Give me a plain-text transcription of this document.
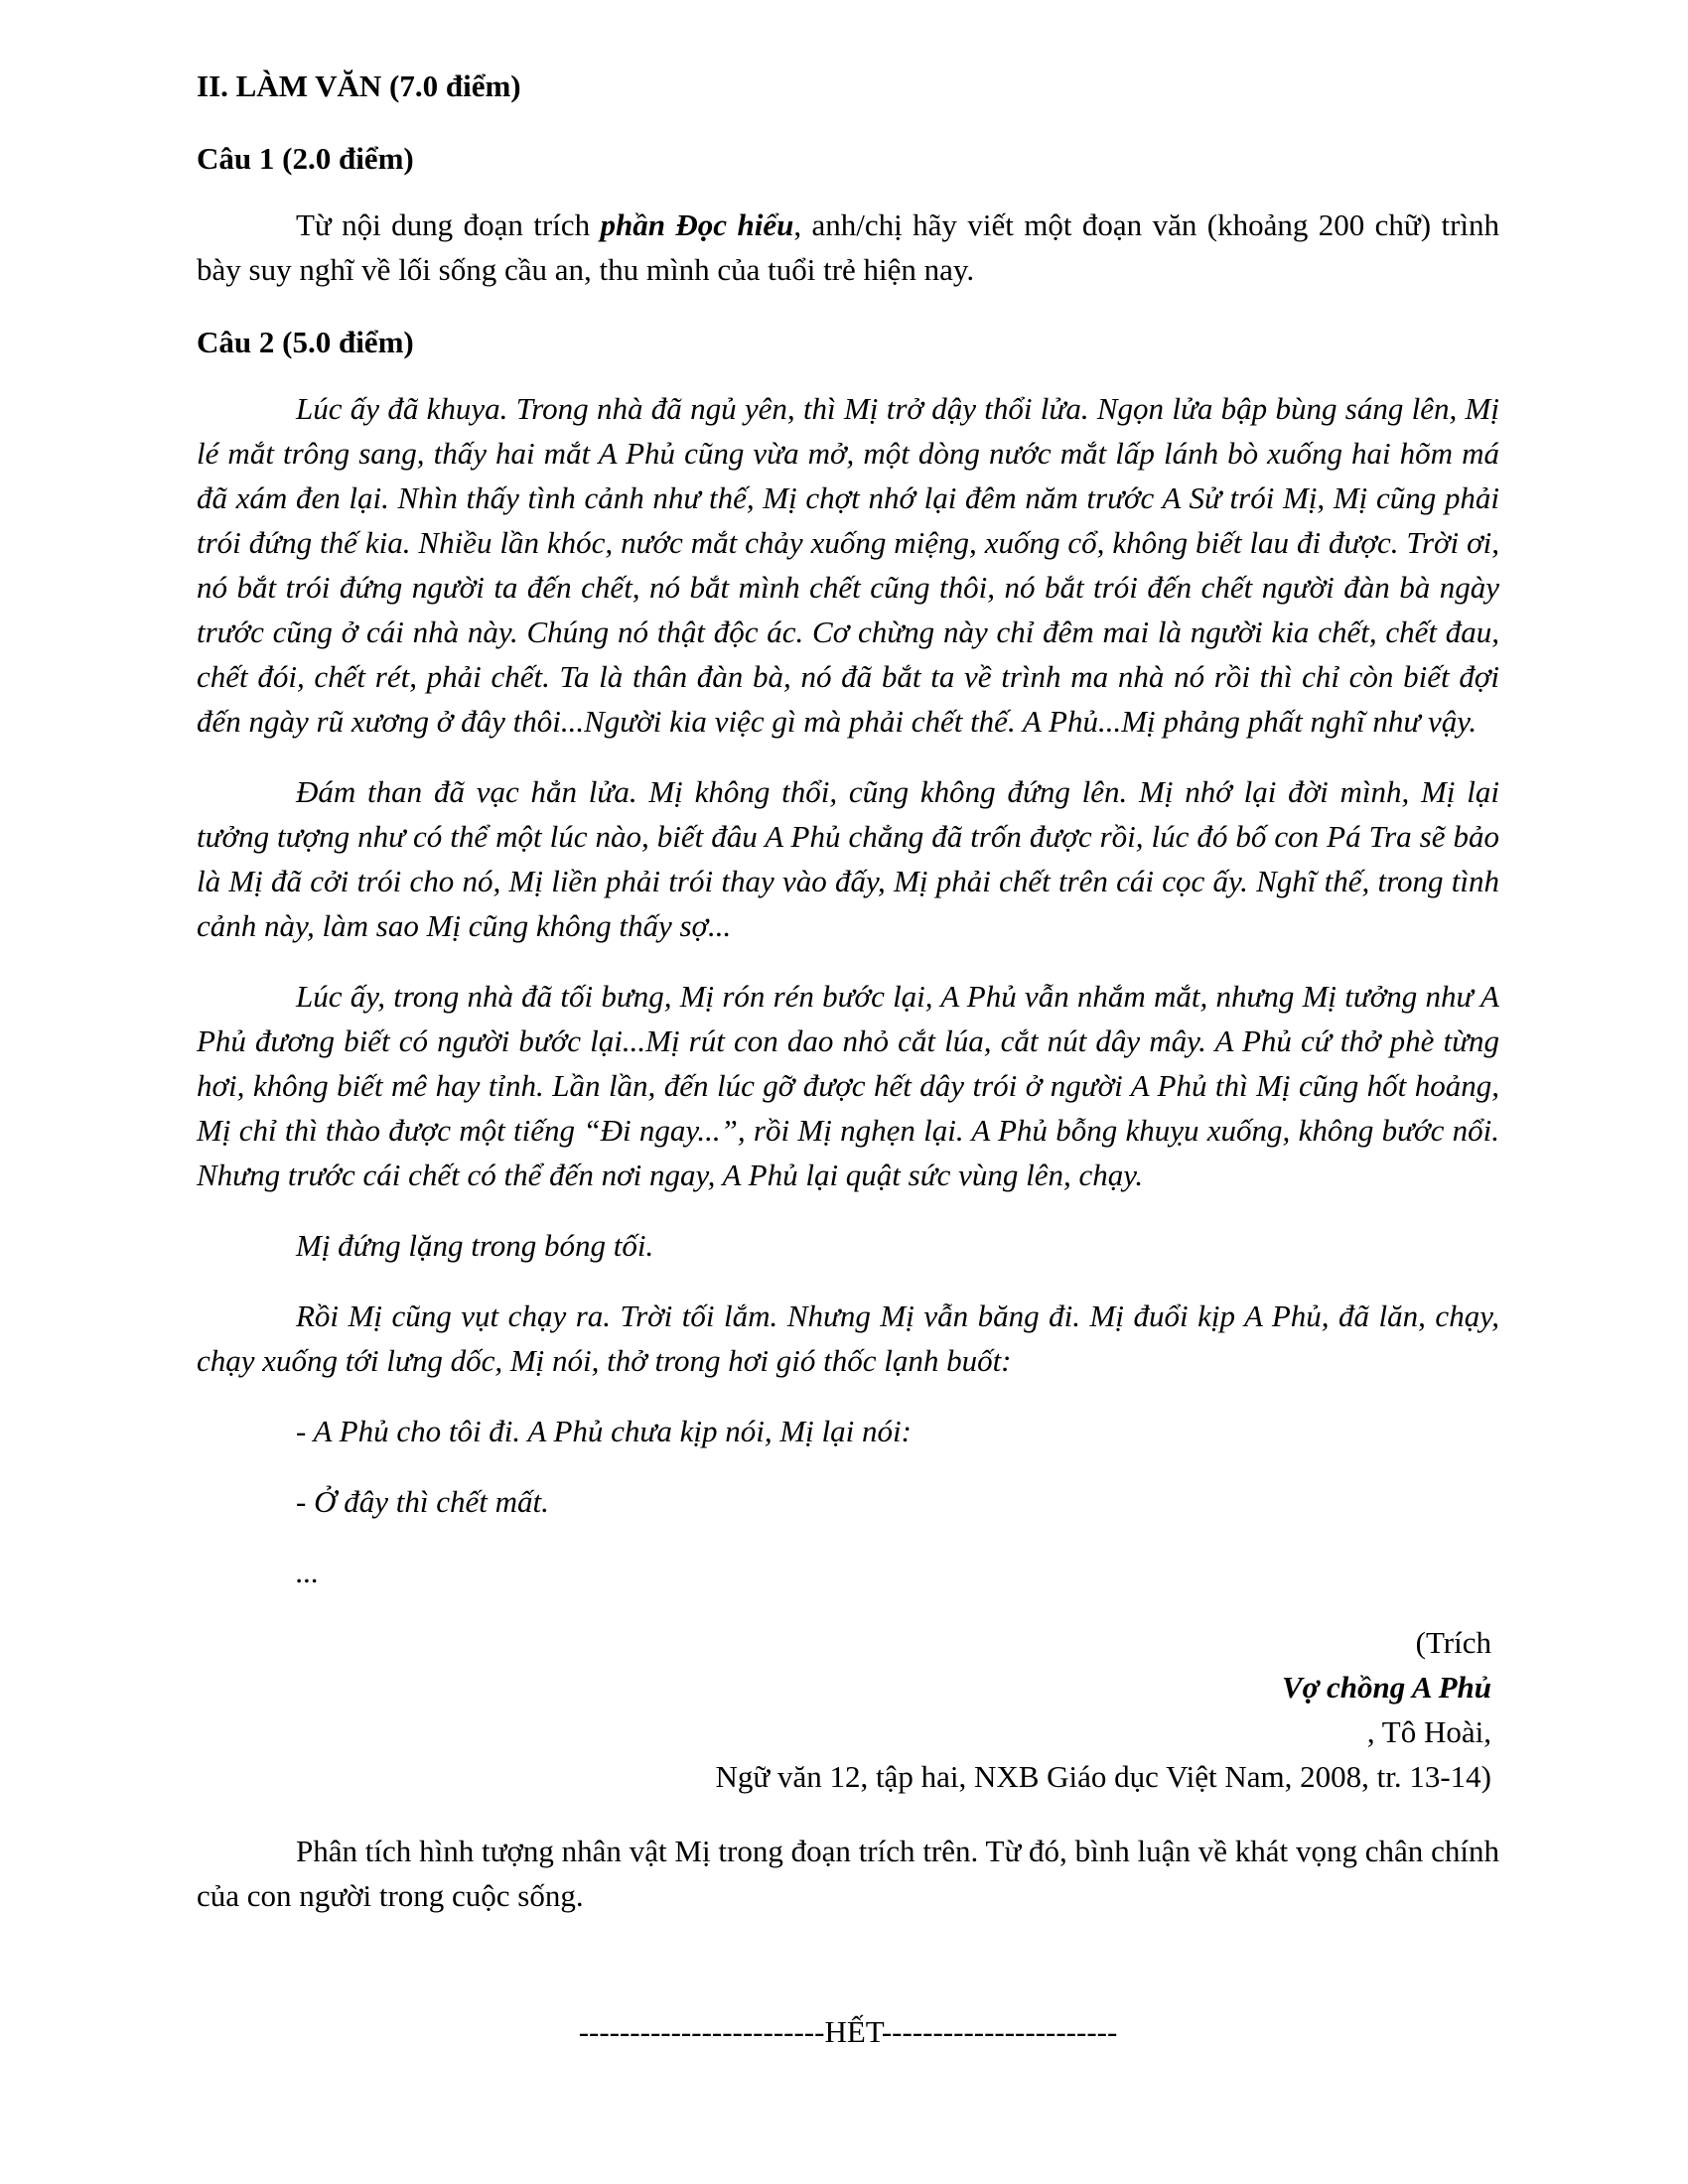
II. LÀM VĂN (7.0 điểm)
Câu 1 (2.0 điểm)

Từ nội dung đoạn trích phần Đọc hiểu, anh/chị hãy viết một đoạn văn (khoảng 200 chữ) trình bày suy nghĩ về lối sống cầu an, thu mình của tuổi trẻ hiện nay.

Câu 2 (5.0 điểm)

Lúc ấy đã khuya. Trong nhà đã ngủ yên, thì Mị trở dậy thổi lửa. Ngọn lửa bập bùng sáng lên, Mị lé mắt trông sang, thấy hai mắt A Phủ cũng vừa mở, một dòng nước mắt lấp lánh bò xuống hai hõm má đã xám đen lại. Nhìn thấy tình cảnh như thế, Mị chợt nhớ lại đêm năm trước A Sử trói Mị, Mị cũng phải trói đứng thế kia. Nhiều lần khóc, nước mắt chảy xuống miệng, xuống cổ, không biết lau đi được. Trời ơi, nó bắt trói đứng người ta đến chết, nó bắt mình chết cũng thôi, nó bắt trói đến chết người đàn bà ngày trước cũng ở cái nhà này. Chúng nó thật độc ác. Cơ chừng này chỉ đêm mai là người kia chết, chết đau, chết đói, chết rét, phải chết. Ta là thân đàn bà, nó đã bắt ta về trình ma nhà nó rồi thì chỉ còn biết đợi đến ngày rũ xương ở đây thôi...Người kia việc gì mà phải chết thế. A Phủ...Mị phảng phất nghĩ như vậy.

Đám than đã vạc hẳn lửa. Mị không thổi, cũng không đứng lên. Mị nhớ lại đời mình, Mị lại tưởng tượng như có thể một lúc nào, biết đâu A Phủ chẳng đã trốn được rồi, lúc đó bố con Pá Tra sẽ bảo là Mị đã cởi trói cho nó, Mị liền phải trói thay vào đấy, Mị phải chết trên cái cọc ấy. Nghĩ thế, trong tình cảnh này, làm sao Mị cũng không thấy sợ...

Lúc ấy, trong nhà đã tối bưng, Mị rón rén bước lại, A Phủ vẫn nhắm mắt, nhưng Mị tưởng như A Phủ đương biết có người bước lại...Mị rút con dao nhỏ cắt lúa, cắt nút dây mây. A Phủ cứ thở phè từng hơi, không biết mê hay tỉnh. Lần lần, đến lúc gỡ được hết dây trói ở người A Phủ thì Mị cũng hốt hoảng, Mị chỉ thì thào được một tiếng “Đi ngay...”, rồi Mị nghẹn lại. A Phủ bỗng khuỵu xuống, không bước nổi. Nhưng trước cái chết có thể đến nơi ngay, A Phủ lại quật sức vùng lên, chạy.

Mị đứng lặng trong bóng tối.

Rồi Mị cũng vụt chạy ra. Trời tối lắm. Nhưng Mị vẫn băng đi. Mị đuổi kịp A Phủ, đã lăn, chạy, chạy xuống tới lưng dốc, Mị nói, thở trong hơi gió thốc lạnh buốt:

- A Phủ cho tôi đi. A Phủ chưa kịp nói, Mị lại nói:

- Ở đây thì chết mất.

...

(Trích
Vợ chồng A Phủ
, Tô Hoài,
Ngữ văn 12, tập hai, NXB Giáo dục Việt Nam, 2008, tr. 13-14)

Phân tích hình tượng nhân vật Mị trong đoạn trích trên. Từ đó, bình luận về khát vọng chân chính của con người trong cuộc sống.

------------------------HẾT-----------------------
